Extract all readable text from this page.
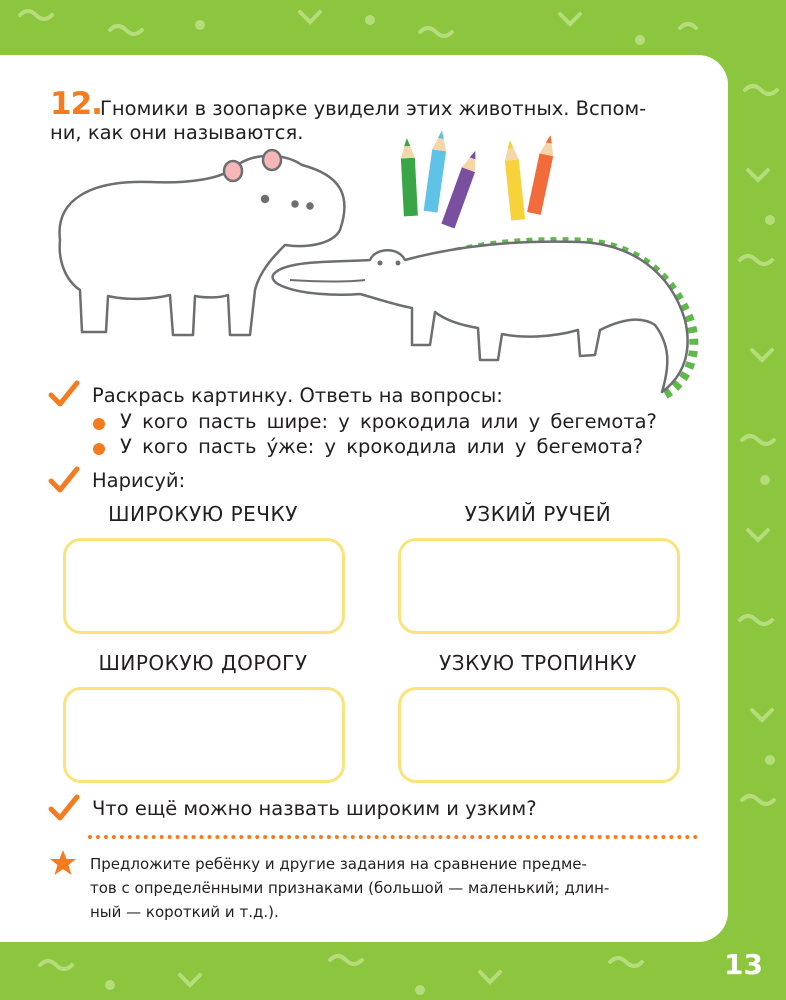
12.
Гномики в зоопарке увидели этих животных. Вспом-
ни, как они называются.
Раскрась картинку. Ответь на вопросы:
У кого пасть шире: у крокодила или у бегемота?
У кого пасть у́же: у крокодила или у бегемота?
Нарисуй:
ШИРОКУЮ РЕЧКУ	УЗКИЙ РУЧЕЙ
ШИРОКУЮ ДОРОГУ	УЗКУЮ ТРОПИНКУ
Что ещё можно назвать широким и узким?

Предложите ребёнку и другие задания на сравнение предме-
тов с определёнными признаками (большой — маленький; длин-
ный — короткий и т.д.).

13
